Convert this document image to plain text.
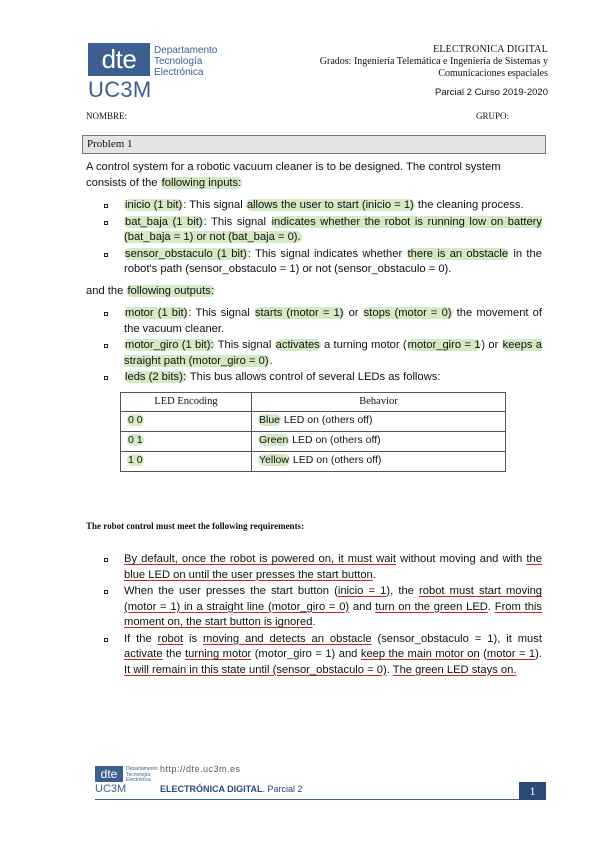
dte	Departamento
Tecnología
Electrónica
UC3M
ELECTRONICA DIGITAL
Grados: Ingeniería Telemática e Ingeniería de Sistemas y Comunicaciones espaciales
Parcial 2 Curso 2019-2020
NOMBRE:	GRUPO:
Problem 1

A control system for a robotic vacuum cleaner is to be designed. The control system consists of the following inputs:

inicio (1 bit): This signal allows the user to start (inicio = 1) the cleaning process.
bat_baja (1 bit): This signal indicates whether the robot is running low on battery (bat_baja = 1) or not (bat_baja = 0).
sensor_obstaculo (1 bit): This signal indicates whether there is an obstacle in the robot's path (sensor_obstaculo = 1) or not (sensor_obstaculo = 0).

and the following outputs:

motor (1 bit): This signal starts (motor = 1) or stops (motor = 0) the movement of the vacuum cleaner.
motor_giro (1 bit): This signal activates a turning motor (motor_giro = 1) or keeps a straight path (motor_giro = 0).
leds (2 bits): This bus allows control of several LEDs as follows:
LED Encoding	Behavior
0 0	Blue LED on (others off)
0 1	Green LED on (others off)
1 0	Yellow LED on (others off)
The robot control must meet the following requirements:
By default, once the robot is powered on, it must wait without moving and with the blue LED on until the user presses the start button.
When the user presses the start button (inicio = 1), the robot must start moving (motor = 1) in a straight line (motor_giro = 0) and turn on the green LED. From this moment on, the start button is ignored.
If the robot is moving and detects an obstacle (sensor_obstaculo = 1), it must activate the turning motor (motor_giro = 1) and keep the main motor on (motor = 1). It will remain in this state until (sensor_obstaculo = 0). The green LED stays on.
dte	Departamento
Tecnología
Electrónica
UC3M
http://dte.uc3m.es
ELECTRÓNICA DIGITAL. Parcial 2	1
